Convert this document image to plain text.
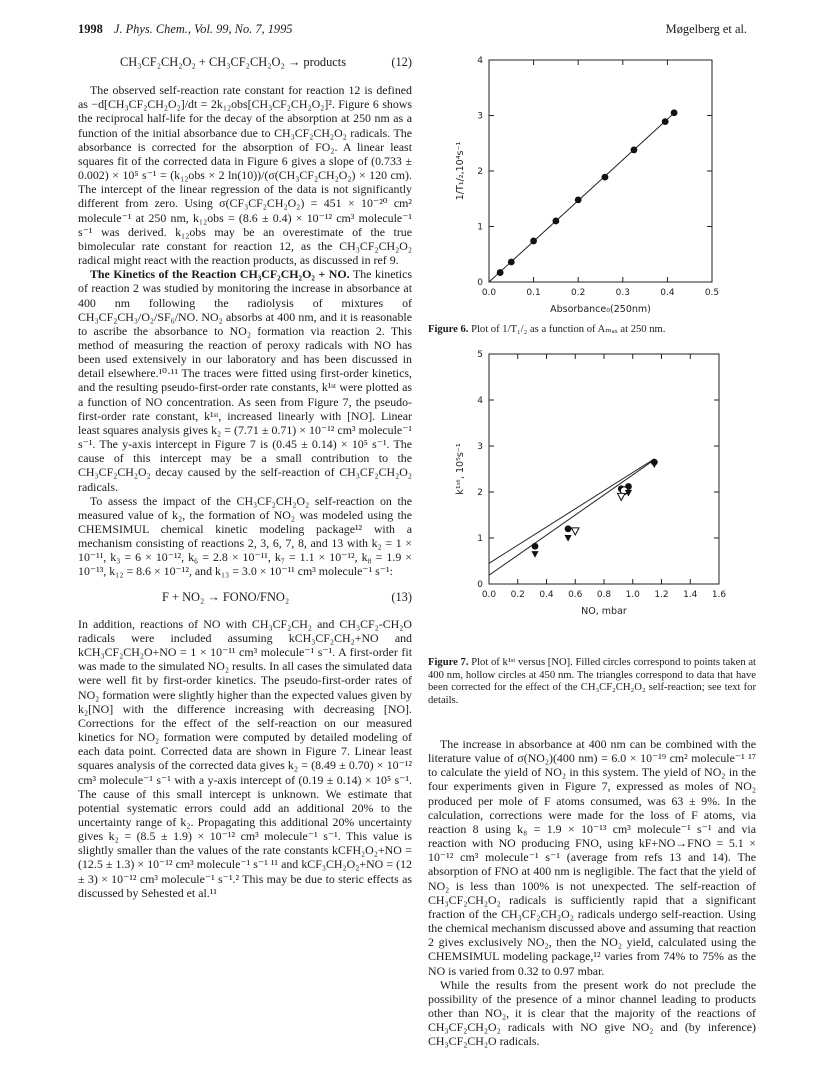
1998 J. Phys. Chem., Vol. 99, No. 7, 1995	Møgelberg et al.
CH₃CF₂CH₂O₂ + CH₃CF₂CH₂O₂ → products	(12)

The observed self-reaction rate constant for reaction 12 is defined as −d[CH₃CF₂CH₂O₂]/dt = 2k₁₂obs[CH₃CF₂CH₂O₂]². Figure 6 shows the reciprocal half-life for the decay of the absorption at 250 nm as a function of the initial absorbance due to CH₃CF₂CH₂O₂ radicals. The absorbance is corrected for the absorption of FO₂. A linear least squares fit of the corrected data in Figure 6 gives a slope of (0.733 ± 0.002) × 10⁵ s⁻¹ = (k₁₂obs × 2 ln(10))/(σ(CH₃CF₂CH₂O₂) × 120 cm). The intercept of the linear regression of the data is not significantly different from zero. Using σ(CF₃CF₂CH₂O₂) = 451 × 10⁻²⁰ cm² molecule⁻¹ at 250 nm, k₁₂obs = (8.6 ± 0.4) × 10⁻¹² cm³ molecule⁻¹ s⁻¹ was derived. k₁₂obs may be an overestimate of the true bimolecular rate constant for reaction 12, as the CH₃CF₂CH₂O₂ radical might react with the reaction products, as discussed in ref 9.

The Kinetics of the Reaction CH₃CF₂CH₂O₂ + NO. The kinetics of reaction 2 was studied by monitoring the increase in absorbance at 400 nm following the radiolysis of mixtures of CH₃CF₂CH₃/O₂/SF₆/NO. NO₂ absorbs at 400 nm, and it is reasonable to ascribe the absorbance to NO₂ formation via reaction 2. This method of measuring the reaction of peroxy radicals with NO has been used extensively in our laboratory and has been discussed in detail elsewhere.¹⁰·¹¹ The traces were fitted using first-order kinetics, and the resulting pseudo-first-order rate constants, k¹ˢᵗ were plotted as a function of NO concentration. As seen from Figure 7, the pseudo-first-order rate constant, k¹ˢᵗ, increased linearly with [NO]. Linear least squares analysis gives k₂ = (7.71 ± 0.71) × 10⁻¹² cm³ molecule⁻¹ s⁻¹. The y-axis intercept in Figure 7 is (0.45 ± 0.14) × 10⁵ s⁻¹. The cause of this intercept may be a small contribution to the CH₃CF₂CH₂O₂ decay caused by the self-reaction of CH₃CF₂CH₂O₂ radicals.

To assess the impact of the CH₃CF₂CH₂O₂ self-reaction on the measured value of k₂, the formation of NO₂ was modeled using the CHEMSIMUL chemical kinetic modeling package¹² with a mechanism consisting of reactions 2, 3, 6, 7, 8, and 13 with k₂ = 1 × 10⁻¹¹, k₃ = 6 × 10⁻¹², k₆ = 2.8 × 10⁻¹¹, k₇ = 1.1 × 10⁻¹², k₈ = 1.9 × 10⁻¹³, k₁₂ = 8.6 × 10⁻¹², and k₁₃ = 3.0 × 10⁻¹¹ cm³ molecule⁻¹ s⁻¹:

F + NO₂ → FONO/FNO₂	(13)

In addition, reactions of NO with CH₃CF₂CH₂ and CH₃CF₂-CH₂O radicals were included assuming kCH₃CF₂CH₂+NO and kCH₃CF₂CH₂O+NO = 1 × 10⁻¹¹ cm³ molecule⁻¹ s⁻¹. A first-order fit was made to the simulated NO₂ results. In all cases the simulated data were well fit by first-order kinetics. The pseudo-first-order rates of NO₂ formation were slightly higher than the expected values given by k₂[NO] with the difference increasing with decreasing [NO]. Corrections for the effect of the self-reaction on our measured kinetics for NO₂ formation were computed by detailed modeling of each data point. Corrected data are shown in Figure 7. Linear least squares analysis of the corrected data gives k₂ = (8.49 ± 0.70) × 10⁻¹² cm³ molecule⁻¹ s⁻¹ with a y-axis intercept of (0.19 ± 0.14) × 10⁵ s⁻¹. The cause of this small intercept is unknown. We estimate that potential systematic errors could add an additional 20% to the uncertainty range of k₂. Propagating this additional 20% uncertainty gives k₂ = (8.5 ± 1.9) × 10⁻¹² cm³ molecule⁻¹ s⁻¹. This value is slightly smaller than the values of the rate constants kCFH₂O₂+NO = (12.5 ± 1.3) × 10⁻¹² cm³ molecule⁻¹ s⁻¹ ¹¹ and kCF₃CH₂O₂+NO = (12 ± 3) × 10⁻¹² cm³ molecule⁻¹ s⁻¹.² This may be due to steric effects as discussed by Sehested et al.¹¹

0.0	0.1	0.2	0.3	0.4	0.5
0
1
2
3
4
Absorbance₀(250nm)
1/T₁/₂,10⁴s⁻¹
Figure 6. Plot of 1/T₁/₂ as a function of Aₘₐₓ at 250 nm.
0.0 0.2 0.4 0.6 0.8 1.0 1.2 1.4 1.6
0
1
2
3
4
5
NO, mbar
k¹ˢᵗ, 10⁵s⁻¹
Figure 7. Plot of k¹ˢᵗ versus [NO]. Filled circles correspond to points taken at 400 nm, hollow circles at 450 nm. The triangles correspond to data that have been corrected for the effect of the CH₃CF₂CH₂O₂ self-reaction; see text for details.

The increase in absorbance at 400 nm can be combined with the literature value of σ(NO₂)(400 nm) = 6.0 × 10⁻¹⁹ cm² molecule⁻¹ ¹⁷ to calculate the yield of NO₂ in this system. The yield of NO₂ in the four experiments given in Figure 7, expressed as moles of NO₂ produced per mole of F atoms consumed, was 63 ± 9%. In the calculation, corrections were made for the loss of F atoms, via reaction 8 using k₈ = 1.9 × 10⁻¹³ cm³ molecule⁻¹ s⁻¹ and via reaction with NO producing FNO, using kF+NO→FNO = 5.1 × 10⁻¹² cm³ molecule⁻¹ s⁻¹ (average from refs 13 and 14). The absorption of FNO at 400 nm is negligible. The fact that the yield of NO₂ is less than 100% is not unexpected. The self-reaction of CH₃CF₂CH₂O₂ radicals is sufficiently rapid that a significant fraction of the CH₃CF₂CH₂O₂ radicals undergo self-reaction. Using the chemical mechanism discussed above and assuming that reaction 2 gives exclusively NO₂, then the NO₂ yield, calculated using the CHEMSIMUL modeling package,¹² varies from 74% to 75% as the NO is varied from 0.32 to 0.97 mbar.

While the results from the present work do not preclude the possibility of the presence of a minor channel leading to products other than NO₂, it is clear that the majority of the reactions of CH₃CF₂CH₂O₂ radicals with NO give NO₂ and (by inference) CH₃CF₂CH₂O radicals.
